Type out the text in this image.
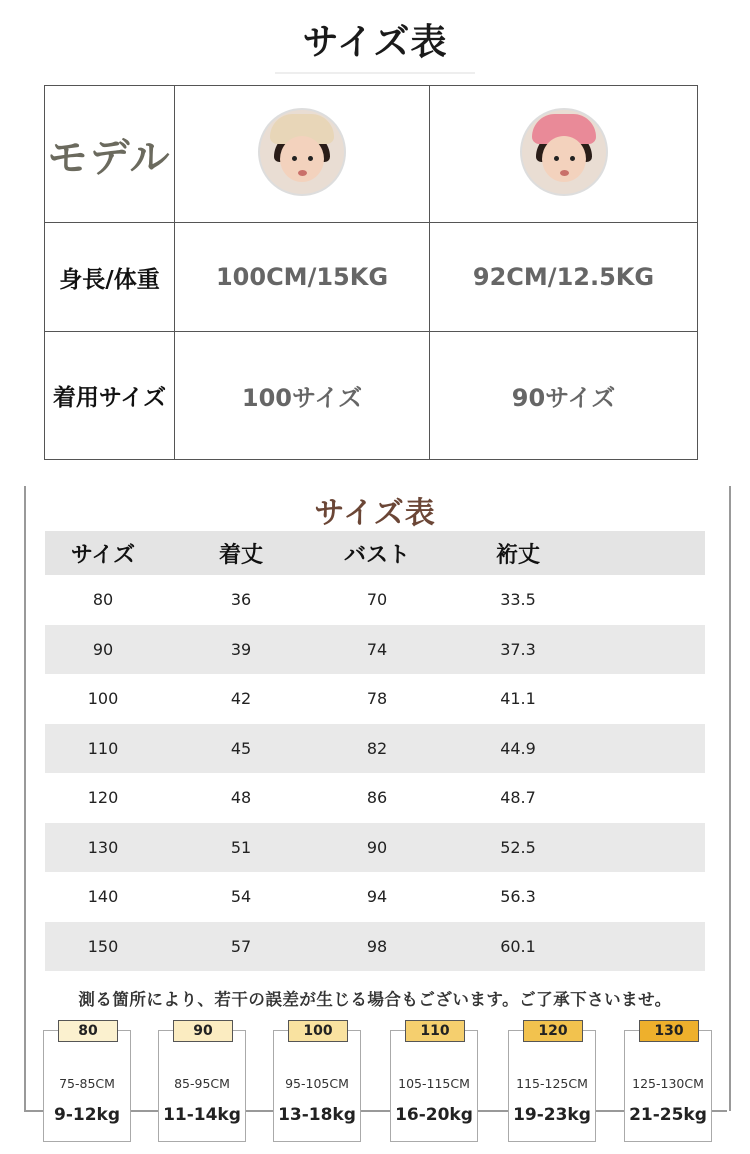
サイズ表
モデル	

身長/体重	100CM/15KG	92CM/12.5KG
着用サイズ	100サイズ	90サイズ
サイズ表
サイズ	着丈	バスト	裄丈	
80	36	70	33.5	
90	39	74	37.3	
100	42	78	41.1	
110	45	82	44.9	
120	48	86	48.7	
130	51	90	52.5	
140	54	94	56.3	
150	57	98	60.1	
測る箇所により、若干の誤差が生じる場合もございます。ご了承下さいませ。
80
75-85CM
9-12kg
90
85-95CM
11-14kg
100
95-105CM
13-18kg
110
105-115CM
16-20kg
120
115-125CM
19-23kg
130
125-130CM
21-25kg
